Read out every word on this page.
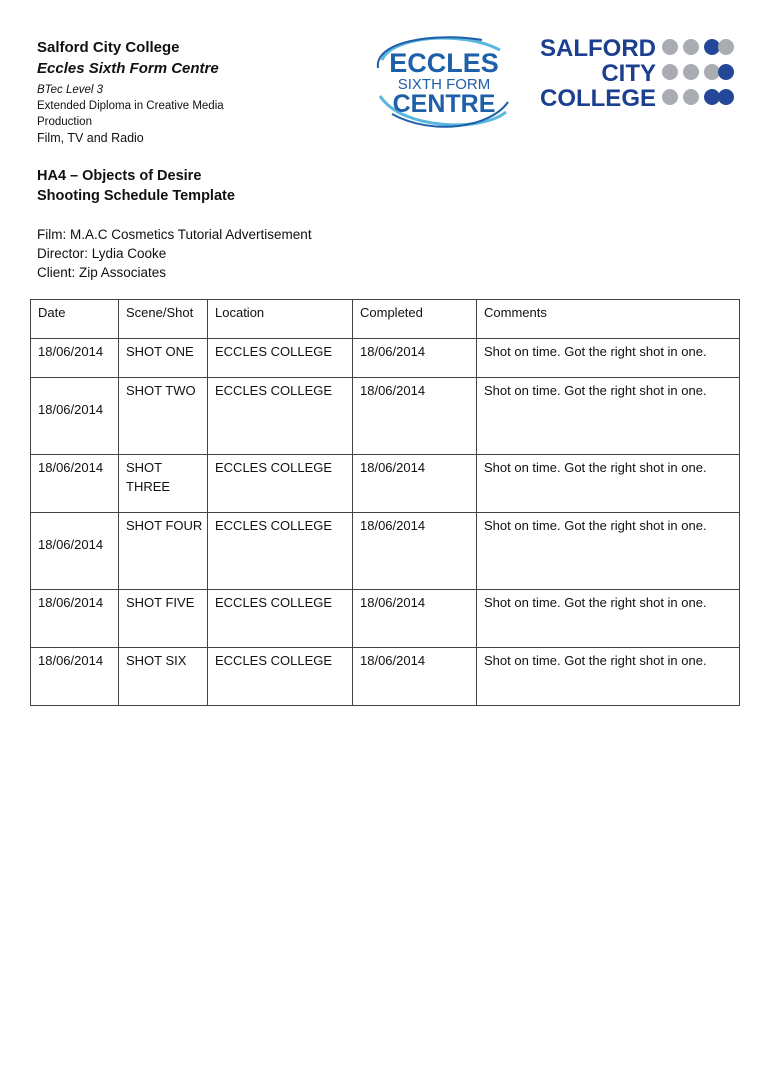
Salford City College
Eccles Sixth Form Centre
BTec Level 3
Extended Diploma in Creative Media
Production
Film, TV and Radio
HA4 – Objects of Desire
Shooting Schedule Template
Film: M.A.C Cosmetics Tutorial Advertisement
Director: Lydia Cooke
Client: Zip Associates
ECCLES
SIXTH FORM
CENTRE
SALFORD
CITY
COLLEGE
Date	Scene/Shot	Location	Completed	Comments
18/06/2014	SHOT ONE	ECCLES COLLEGE	18/06/2014	Shot on time. Got the right shot in one.
18/06/2014	SHOT TWO	ECCLES COLLEGE	18/06/2014	Shot on time. Got the right shot in one.
18/06/2014	SHOT THREE	ECCLES COLLEGE	18/06/2014	Shot on time. Got the right shot in one.
18/06/2014	SHOT FOUR	ECCLES COLLEGE	18/06/2014	Shot on time. Got the right shot in one.
18/06/2014	SHOT FIVE	ECCLES COLLEGE	18/06/2014	Shot on time. Got the right shot in one.
18/06/2014	SHOT SIX	ECCLES COLLEGE	18/06/2014	Shot on time. Got the right shot in one.
